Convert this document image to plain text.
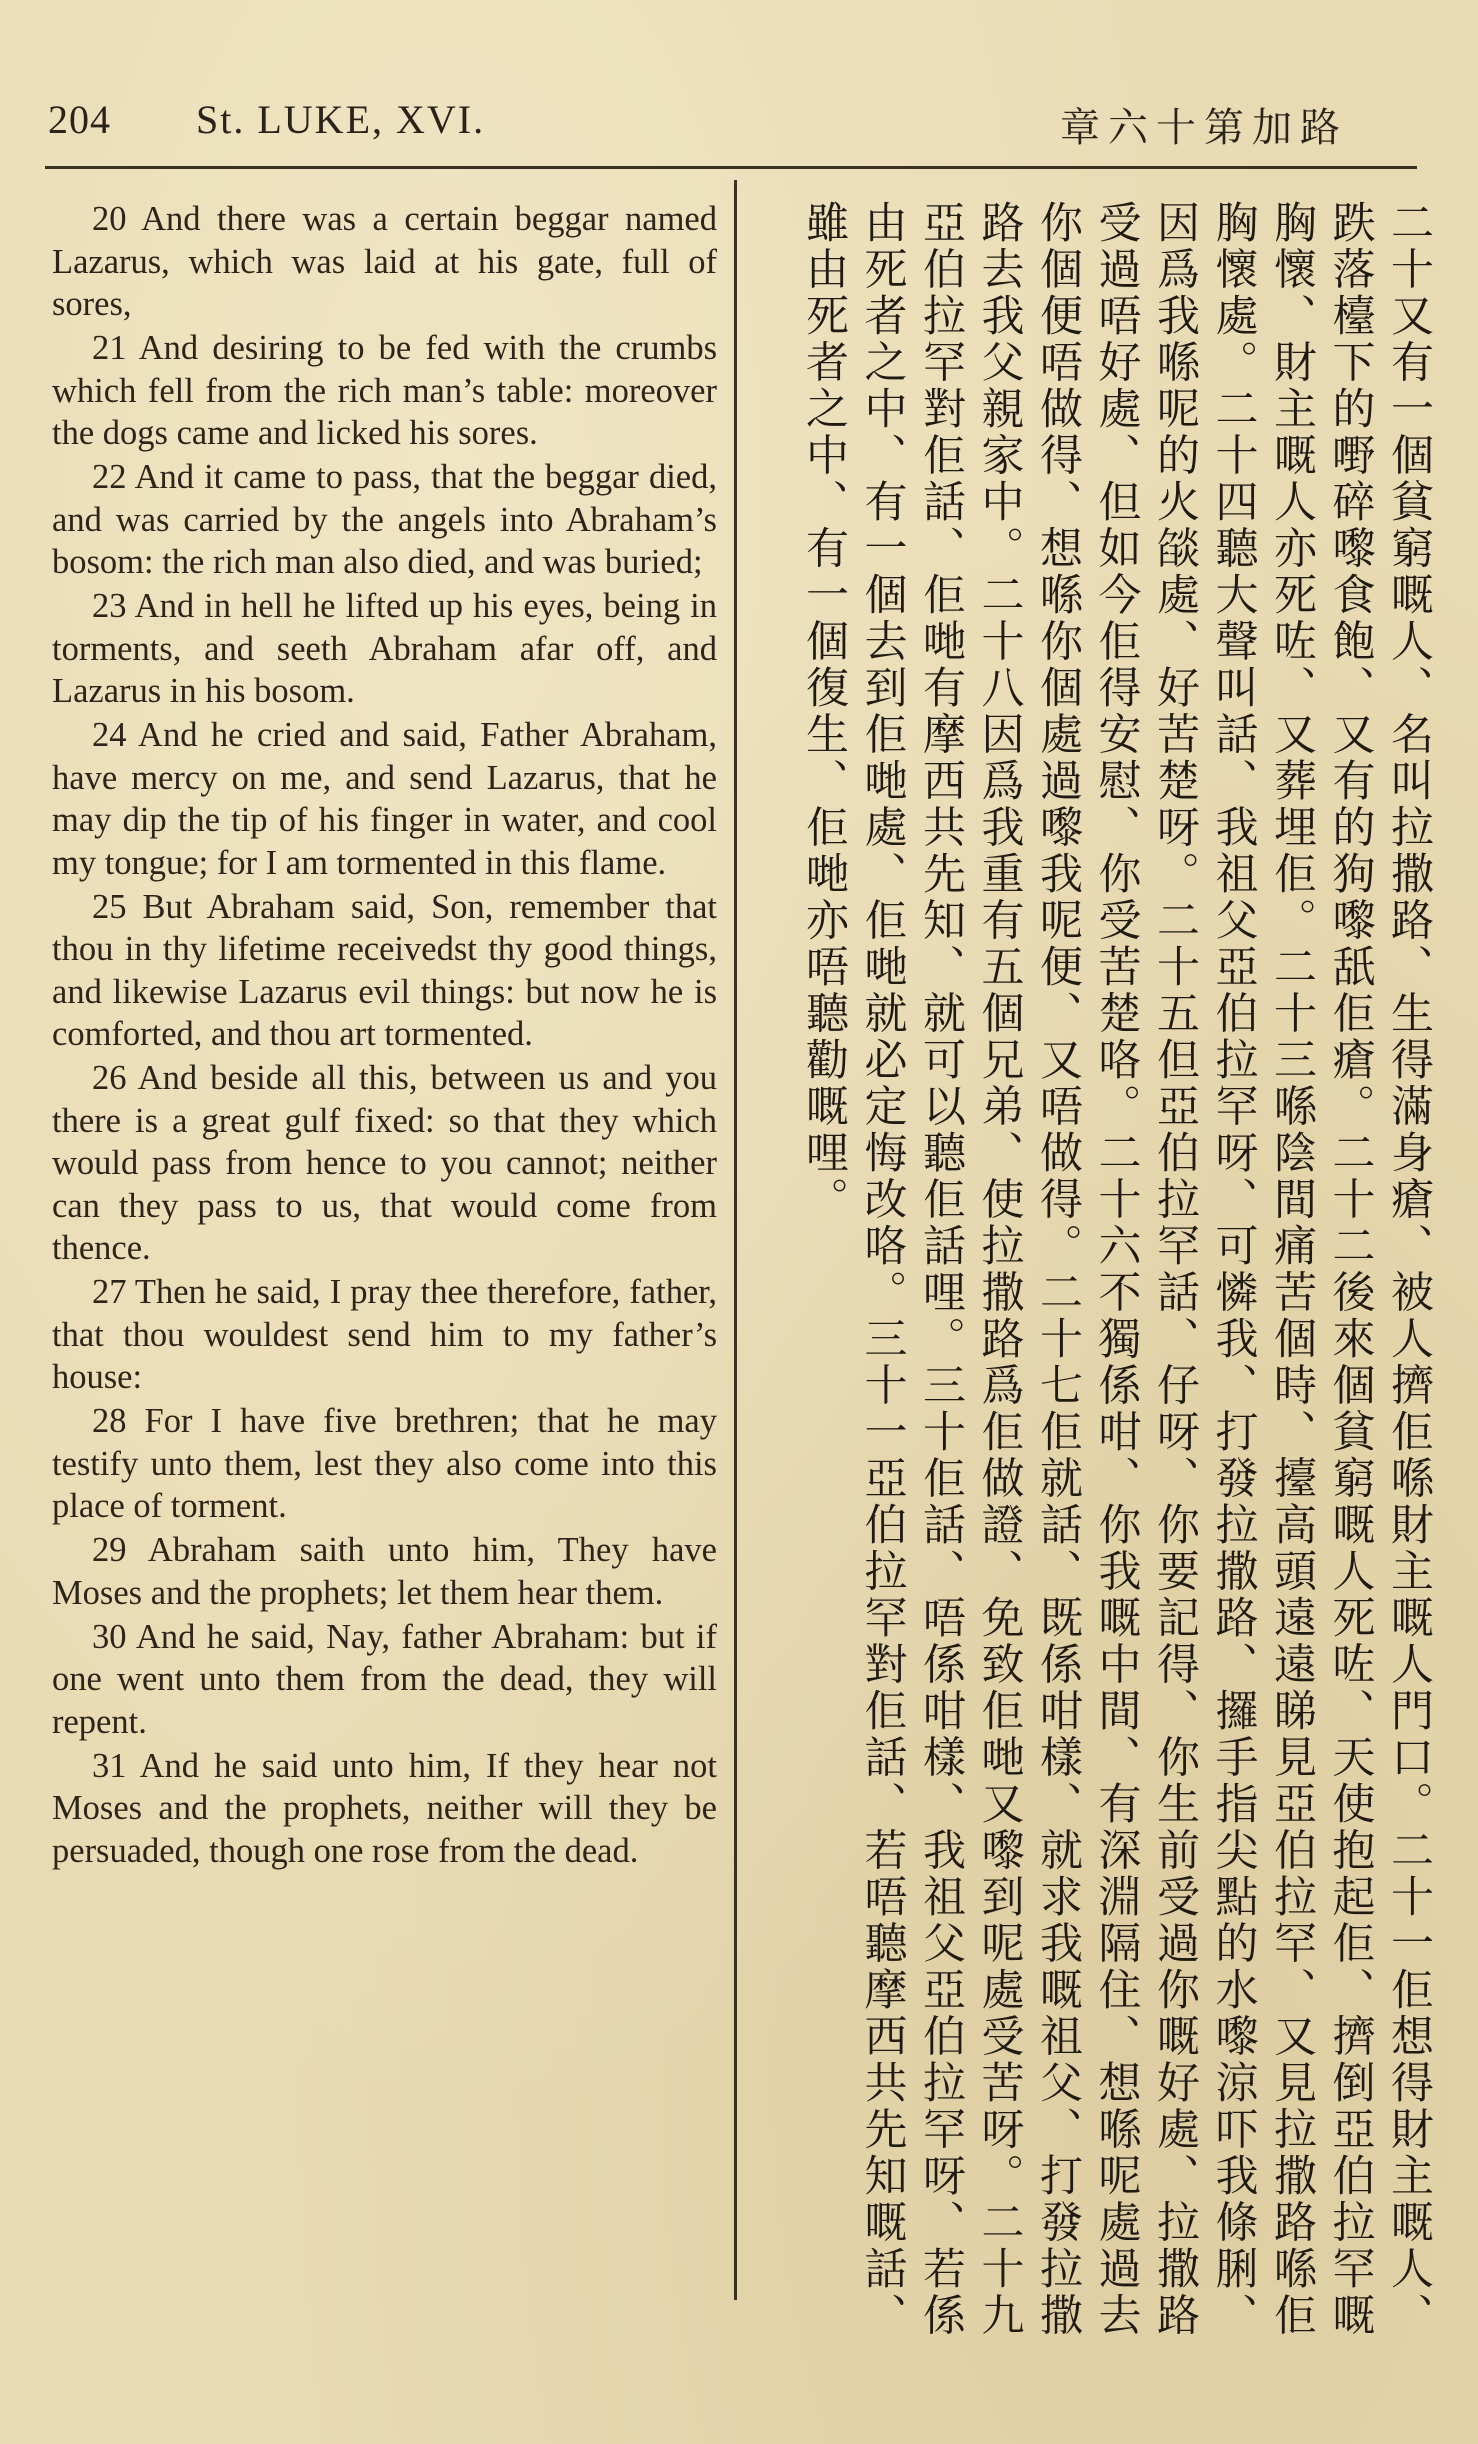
204 St. LUKE, XVI.	章六十第加路

20 And there was a certain beggar named Lazarus, which was laid at his gate, full of sores,

21 And desiring to be fed with the crumbs which fell from the rich man’s table: moreover the dogs came and licked his sores.

22 And it came to pass, that the beggar died, and was carried by the angels into Abraham’s bosom: the rich man also died, and was buried;

23 And in hell he lifted up his eyes, being in torments, and seeth Abraham afar off, and Lazarus in his bosom.

24 And he cried and said, Father Abraham, have mercy on me, and send Lazarus, that he may dip the tip of his finger in water, and cool my tongue; for I am tormented in this flame.

25 But Abraham said, Son, remember that thou in thy lifetime receivedst thy good things, and likewise Lazarus evil things: but now he is comforted, and thou art tormented.

26 And beside all this, between us and you there is a great gulf fixed: so that they which would pass from hence to you cannot; neither can they pass to us, that would come from thence.

27 Then he said, I pray thee therefore, father, that thou wouldest send him to my father’s house:

28 For I have five brethren; that he may testify unto them, lest they also come into this place of torment.

29 Abraham saith unto him, They have Moses and the prophets; let them hear them.

30 And he said, Nay, father Abraham: but if one went unto them from the dead, they will repent.

31 And he said unto him, If they hear not Moses and the prophets, neither will they be persuaded, though one rose from the dead.	二十又有一個貧窮嘅人、名叫拉撒路、生得滿身瘡、被人擠佢喺財主嘅人門口。二十一佢想得財主嘅人、跌落檯下的嘢碎嚟食飽、又有的狗嚟舐佢瘡。二十二後來個貧窮嘅人死咗、天使抱起佢、擠倒亞伯拉罕嘅胸懷、財主嘅人亦死咗、又葬埋佢。二十三喺陰間痛苦個時、擡高頭遠遠睇見亞伯拉罕、又見拉撒路喺佢胸懷處。二十四聽大聲叫話、我祖父亞伯拉罕呀、可憐我、打發拉撒路、攞手指尖點的水嚟涼吓我條脷、因爲我喺呢的火燄處、好苦楚呀。二十五但亞伯拉罕話、仔呀、你要記得、你生前受過你嘅好處、拉撒路受過唔好處、但如今佢得安慰、你受苦楚咯。二十六不獨係咁、你我嘅中間、有深淵隔住、想喺呢處過去你個便唔做得、想喺你個處過嚟我呢便、又唔做得。二十七佢就話、既係咁樣、就求我嘅祖父、打發拉撒路去我父親家中。二十八因爲我重有五個兄弟、使拉撒路爲佢做證、免致佢哋又嚟到呢處受苦呀。二十九亞伯拉罕對佢話、佢哋有摩西共先知、就可以聽佢話哩。三十佢話、唔係咁樣、我祖父亞伯拉罕呀、若係由死者之中、有一個去到佢哋處、佢哋就必定悔改咯。三十一亞伯拉罕對佢話、若唔聽摩西共先知嘅話、雖由死者之中、有一個復生、佢哋亦唔聽勸嘅哩。
